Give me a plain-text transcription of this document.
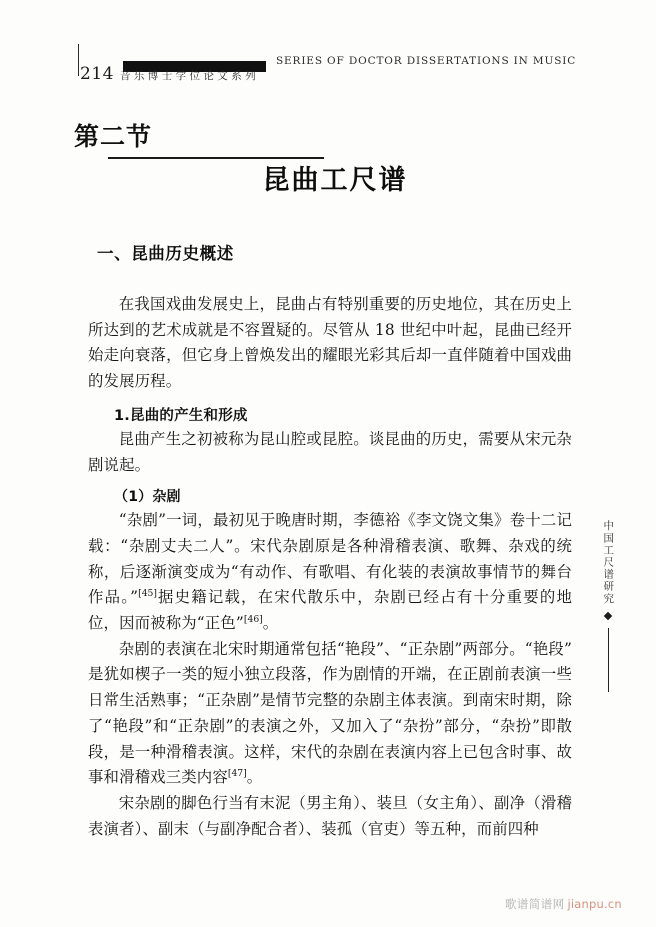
214 音乐博士学位论文系列
SERIES OF DOCTOR DISSERTATIONS IN MUSIC
第二节
昆曲工尺谱
一、昆曲历史概述

在我国戏曲发展史上，昆曲占有特别重要的历史地位，其在历史上所达到的艺术成就是不容置疑的。尽管从 18 世纪中叶起，昆曲已经开始走向衰落，但它身上曾焕发出的耀眼光彩其后却一直伴随着中国戏曲的发展历程。

1.昆曲的产生和形成

昆曲产生之初被称为昆山腔或昆腔。谈昆曲的历史，需要从宋元杂剧说起。

（1）杂剧

“杂剧”一词，最初见于晚唐时期，李德裕《李文饶文集》卷十二记载：“杂剧丈夫二人”。宋代杂剧原是各种滑稽表演、歌舞、杂戏的统称，后逐渐演变成为“有动作、有歌唱、有化装的表演故事情节的舞台作品。”[45]据史籍记载，在宋代散乐中，杂剧已经占有十分重要的地位，因而被称为“正色”[46]。

杂剧的表演在北宋时期通常包括“艳段”、“正杂剧”两部分。“艳段”是犹如楔子一类的短小独立段落，作为剧情的开端，在正剧前表演一些日常生活熟事；“正杂剧”是情节完整的杂剧主体表演。到南宋时期，除了“艳段”和“正杂剧”的表演之外，又加入了“杂扮”部分，“杂扮”即散段，是一种滑稽表演。这样，宋代的杂剧在表演内容上已包含时事、故事和滑稽戏三类内容[47]。

宋杂剧的脚色行当有末泥（男主角）、装旦（女主角）、副净（滑稽表演者）、副末（与副净配合者）、装孤（官吏）等五种，而前四种

中国工尺谱研究
歌谱简谱网 jianpu.cn
